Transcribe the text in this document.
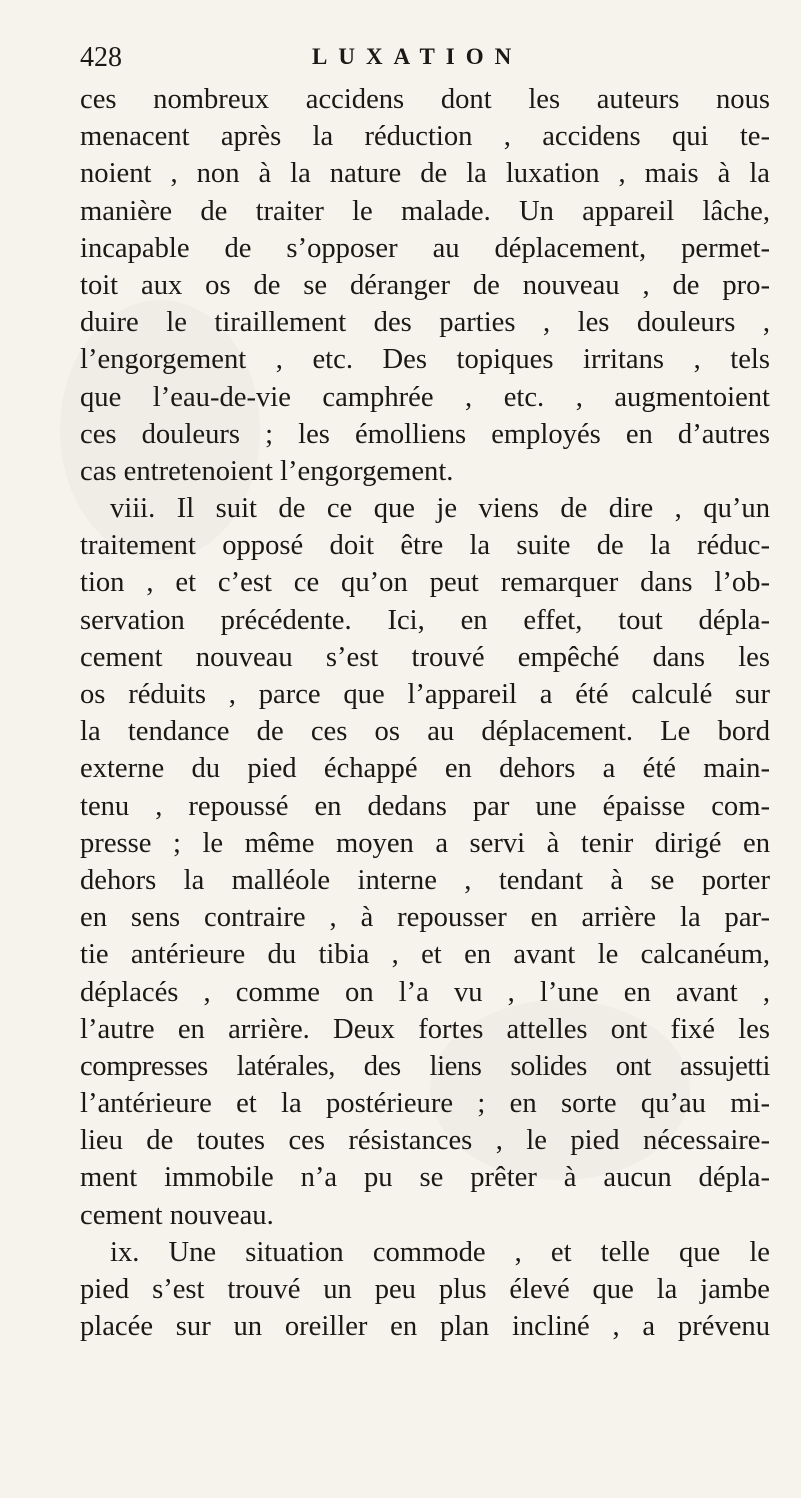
428	LUXATION
ces nombreux accidens dont les auteurs nous
menacent après la réduction , accidens qui te-
noient , non à la nature de la luxation , mais à la
manière de traiter le malade. Un appareil lâche,
incapable de s’opposer au déplacement, permet-
toit aux os de se déranger de nouveau , de pro-
duire le tiraillement des parties , les douleurs ,
l’engorgement , etc. Des topiques irritans , tels
que l’eau-de-vie camphrée , etc. , augmentoient
ces douleurs ; les émolliens employés en d’autres
cas entretenoient l’engorgement.
viii. Il suit de ce que je viens de dire , qu’un
traitement opposé doit être la suite de la réduc-
tion , et c’est ce qu’on peut remarquer dans l’ob-
servation précédente. Ici, en effet, tout dépla-
cement nouveau s’est trouvé empêché dans les
os réduits , parce que l’appareil a été calculé sur
la tendance de ces os au déplacement. Le bord
externe du pied échappé en dehors a été main-
tenu , repoussé en dedans par une épaisse com-
presse ; le même moyen a servi à tenir dirigé en
dehors la malléole interne , tendant à se porter
en sens contraire , à repousser en arrière la par-
tie antérieure du tibia , et en avant le calcanéum,
déplacés , comme on l’a vu , l’une en avant ,
l’autre en arrière. Deux fortes attelles ont fixé les
compresses latérales, des liens solides ont assujetti
l’antérieure et la postérieure ; en sorte qu’au mi-
lieu de toutes ces résistances , le pied nécessaire-
ment immobile n’a pu se prêter à aucun dépla-
cement nouveau.
ix. Une situation commode , et telle que le
pied s’est trouvé un peu plus élevé que la jambe
placée sur un oreiller en plan incliné , a prévenu
